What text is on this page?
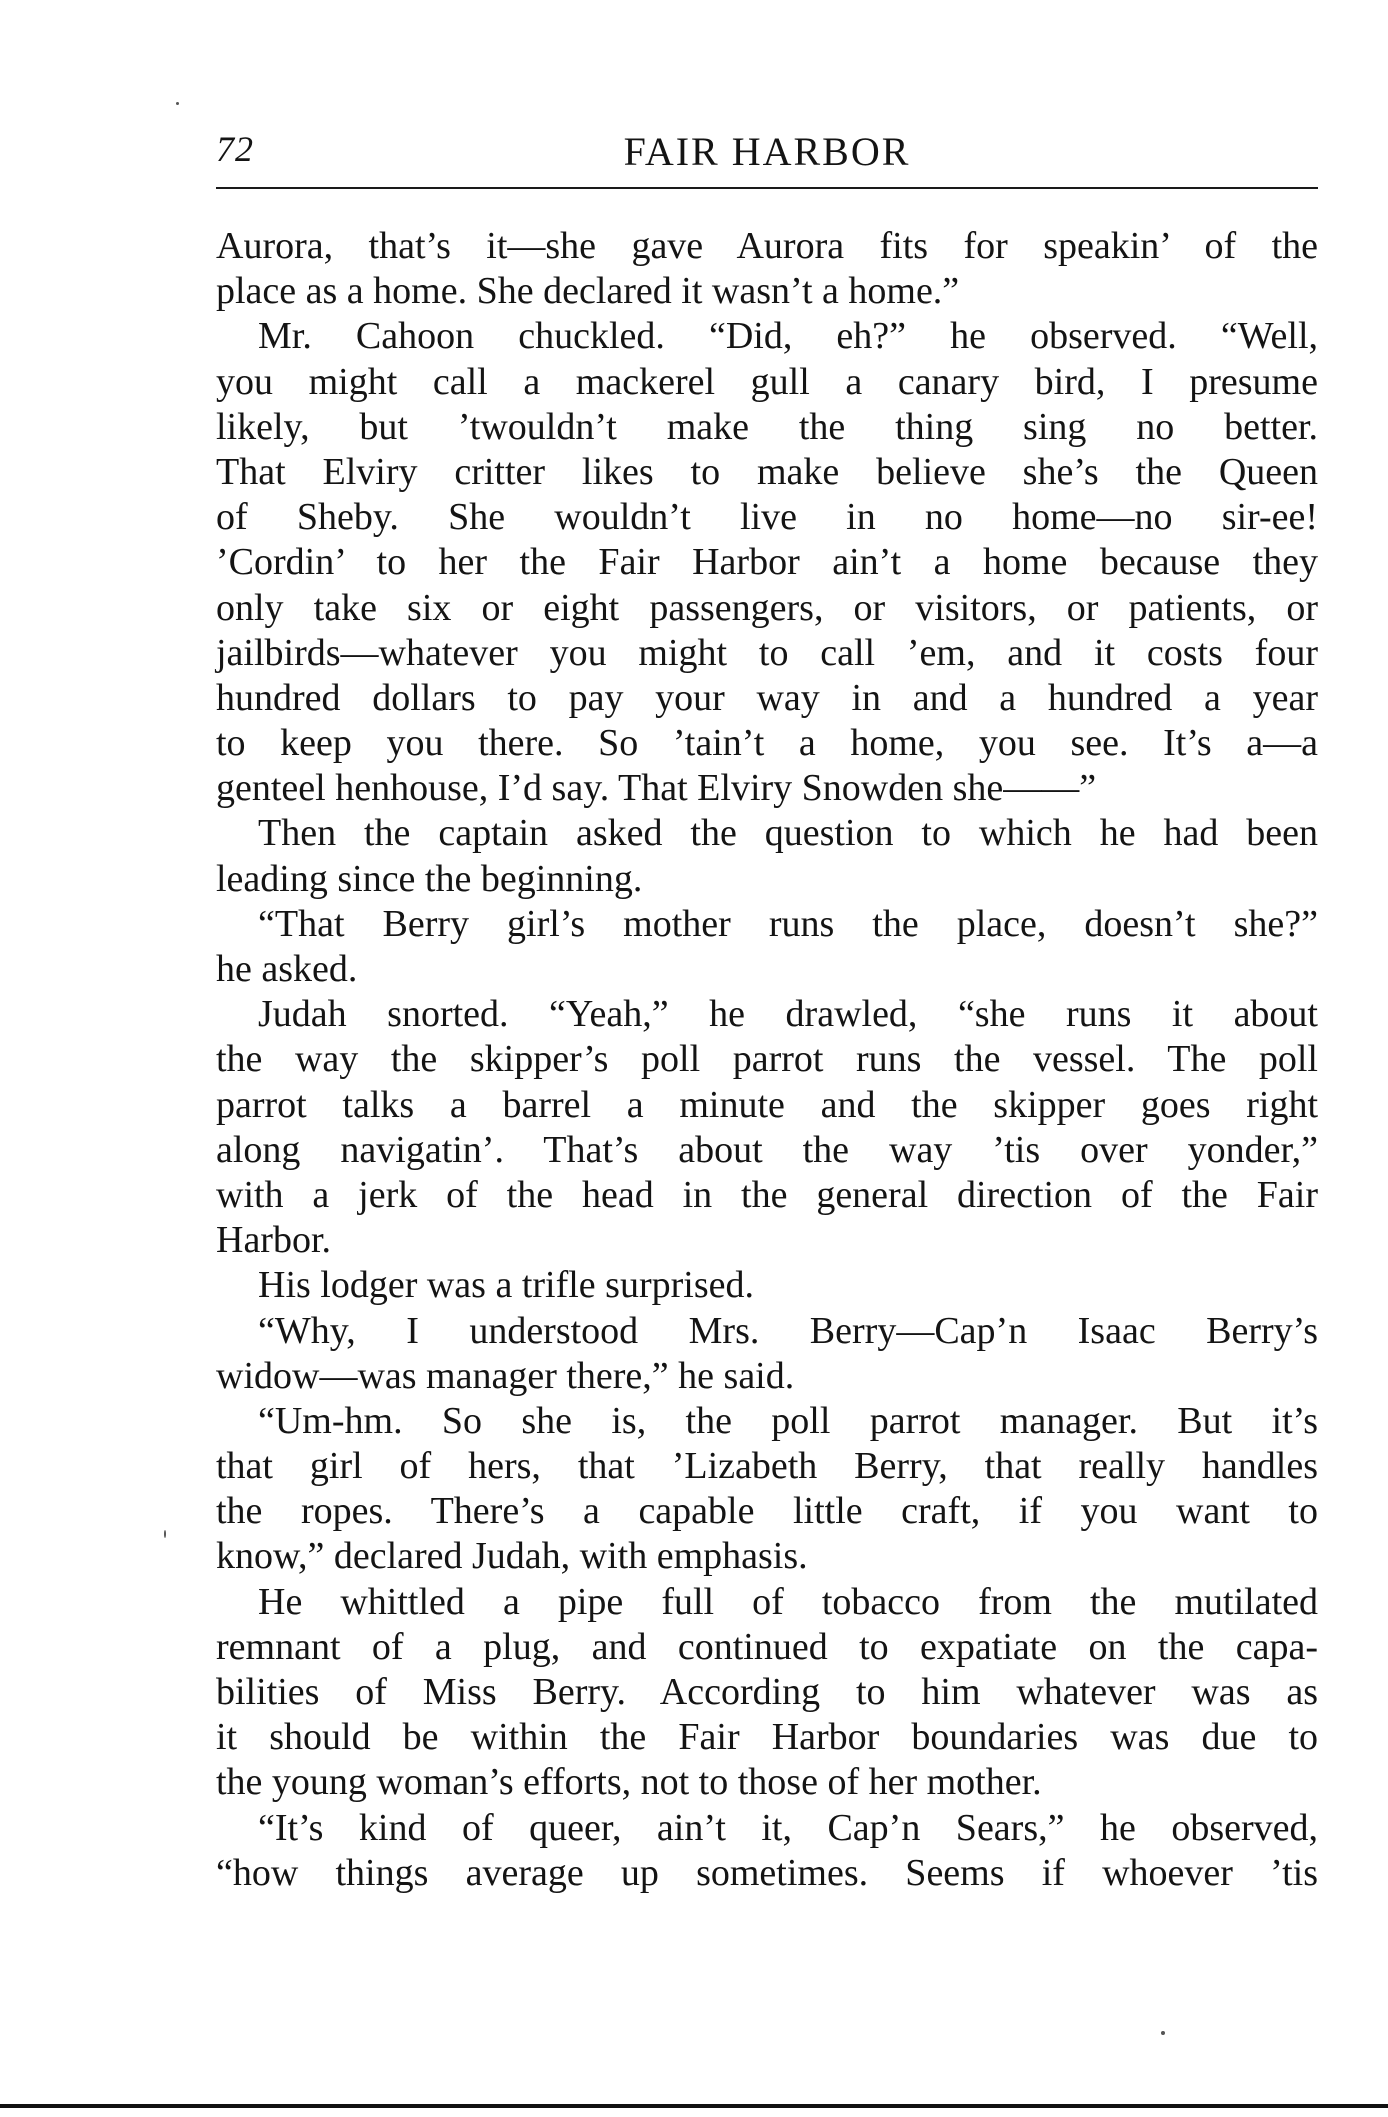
72	FAIR HARBOR

Aurora, that’s it—she gave Aurora fits for speakin’ of the

place as a home. She declared it wasn’t a home.”

Mr. Cahoon chuckled. “Did, eh?” he observed. “Well,

you might call a mackerel gull a canary bird, I presume

likely, but ’twouldn’t make the thing sing no better.

That Elviry critter likes to make believe she’s the Queen

of Sheby. She wouldn’t live in no home—no sir-ee!

’Cordin’ to her the Fair Harbor ain’t a home because they

only take six or eight passengers, or visitors, or patients, or

jailbirds—whatever you might to call ’em, and it costs four

hundred dollars to pay your way in and a hundred a year

to keep you there. So ’tain’t a home, you see. It’s a—a

genteel henhouse, I’d say. That Elviry Snowden she——”

Then the captain asked the question to which he had been

leading since the beginning.

“That Berry girl’s mother runs the place, doesn’t she?”

he asked.

Judah snorted. “Yeah,” he drawled, “she runs it about

the way the skipper’s poll parrot runs the vessel. The poll

parrot talks a barrel a minute and the skipper goes right

along navigatin’. That’s about the way ’tis over yonder,”

with a jerk of the head in the general direction of the Fair

Harbor.

His lodger was a trifle surprised.

“Why, I understood Mrs. Berry—Cap’n Isaac Berry’s

widow—was manager there,” he said.

“Um-hm. So she is, the poll parrot manager. But it’s

that girl of hers, that ’Lizabeth Berry, that really handles

the ropes. There’s a capable little craft, if you want to

know,” declared Judah, with emphasis.

He whittled a pipe full of tobacco from the mutilated

remnant of a plug, and continued to expatiate on the capa-

bilities of Miss Berry. According to him whatever was as

it should be within the Fair Harbor boundaries was due to

the young woman’s efforts, not to those of her mother.

“It’s kind of queer, ain’t it, Cap’n Sears,” he observed,

“how things average up sometimes. Seems if whoever ’tis
